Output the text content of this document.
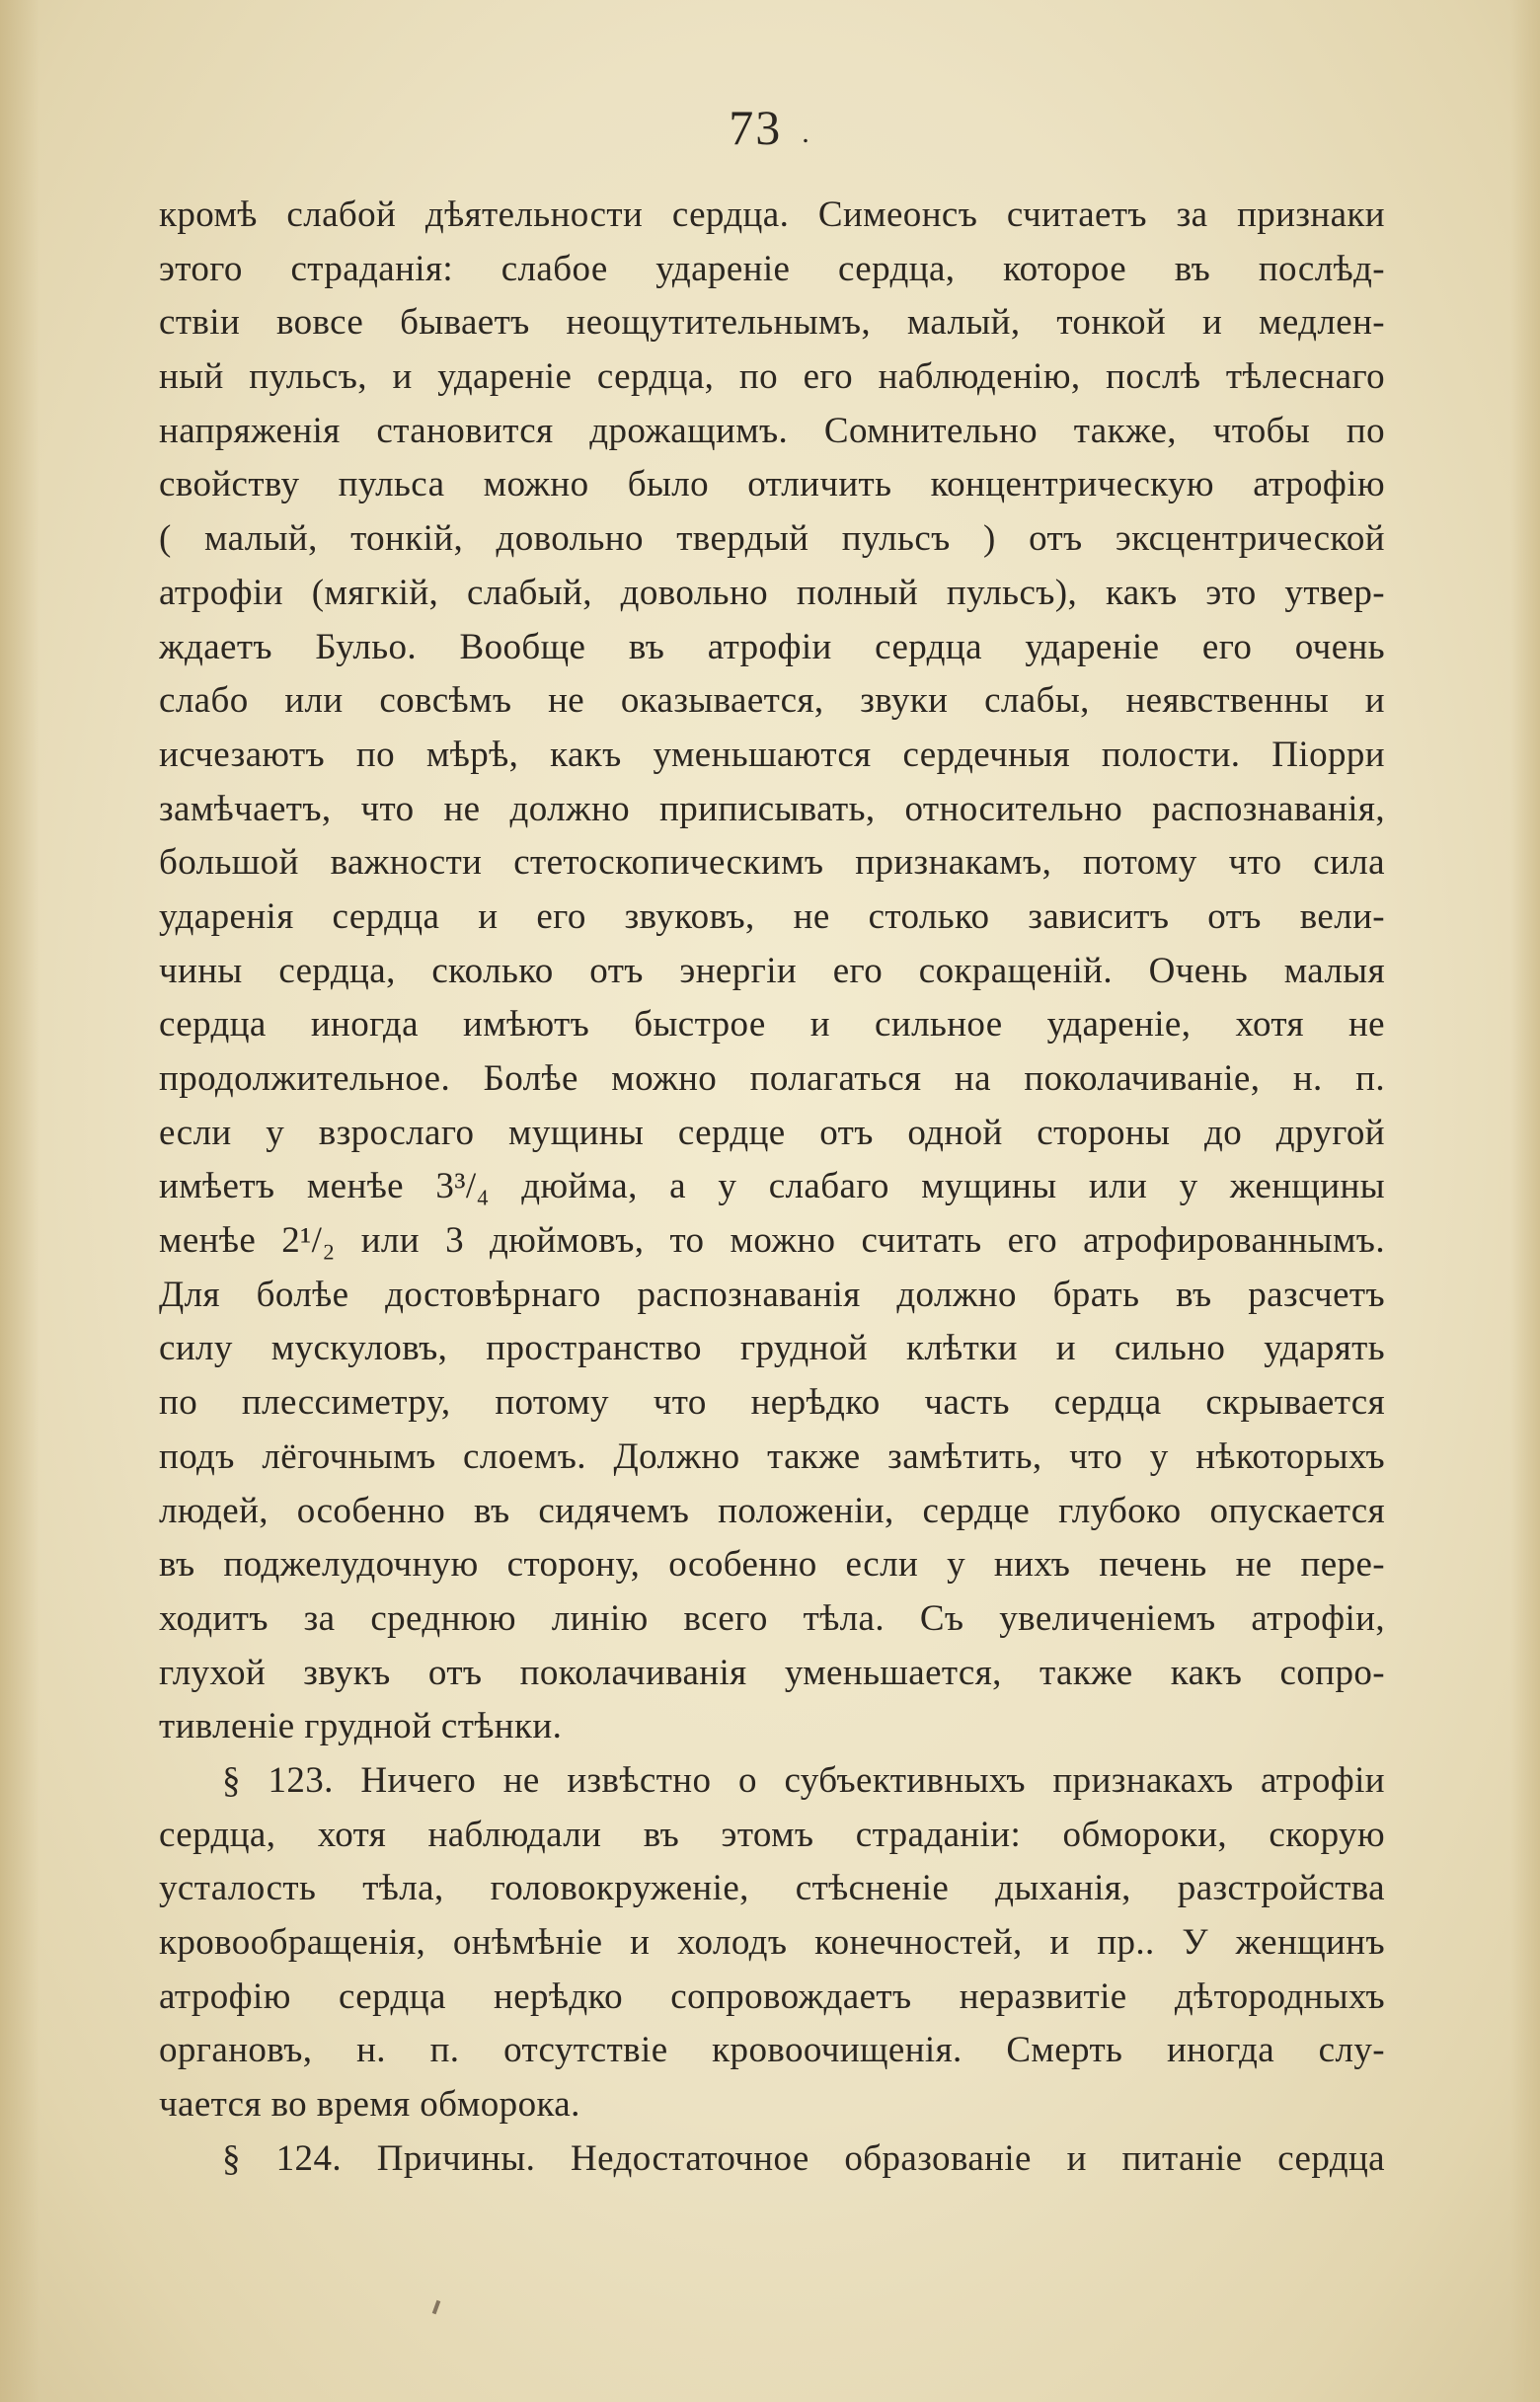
73 .
кромѣ слабой дѣятельности сердца. Симеонсъ считаетъ за признаки
этого страданія: слабое удареніе сердца, которое въ послѣд-
ствіи вовсе бываетъ неощутительнымъ, малый, тонкой и медлен-
ный пульсъ, и удареніе сердца, по его наблюденію, послѣ тѣлеснаго
напряженія становится дрожащимъ. Сомнительно также, чтобы по
свойству пульса можно было отличить концентрическую атрофію
( малый, тонкій, довольно твердый пульсъ ) отъ эксцентрической
атрофіи (мягкій, слабый, довольно полный пульсъ), какъ это утвер-
ждаетъ Бульо. Вообще въ атрофіи сердца удареніе его очень
слабо или совсѣмъ не оказывается, звуки слабы, неявственны и
исчезаютъ по мѣрѣ, какъ уменьшаются сердечныя полости. Піорри
замѣчаетъ, что не должно приписывать, относительно распознаванія,
большой важности стетоскопическимъ признакамъ, потому что сила
ударенія сердца и его звуковъ, не столько зависитъ отъ вели-
чины сердца, сколько отъ энергіи его сокращеній. Очень малыя
сердца иногда имѣютъ быстрое и сильное удареніе, хотя не
продолжительное. Болѣе можно полагаться на поколачиваніе, н. п.
если у взрослаго мущины сердце отъ одной стороны до другой
имѣетъ менѣе 3³/₄ дюйма, а у слабаго мущины или у женщины
менѣе 2¹/₂ или 3 дюймовъ, то можно считать его атрофированнымъ.
Для болѣе достовѣрнаго распознаванія должно брать въ разсчетъ
силу мускуловъ, пространство грудной клѣтки и сильно ударять
по плессиметру, потому что нерѣдко часть сердца скрывается
подъ лёгочнымъ слоемъ. Должно также замѣтить, что у нѣкоторыхъ
людей, особенно въ сидячемъ положеніи, сердце глубоко опускается
въ поджелудочную сторону, особенно если у нихъ печень не пере-
ходитъ за среднюю линію всего тѣла. Съ увеличеніемъ атрофіи,
глухой звукъ отъ поколачиванія уменьшается, также какъ сопро-
тивленіе грудной стѣнки.
§ 123. Ничего не извѣстно о субъективныхъ признакахъ атрофіи
сердца, хотя наблюдали въ этомъ страданіи: обмороки, скорую
усталость тѣла, головокруженіе, стѣсненіе дыханія, разстройства
кровообращенія, онѣмѣніе и холодъ конечностей, и пр.. У женщинъ
атрофію сердца нерѣдко сопровождаетъ неразвитіе дѣтородныхъ
органовъ, н. п. отсутствіе кровоочищенія. Смерть иногда слу-
чается во время обморока.
§ 124. Причины. Недостаточное образованіе и питаніе сердца
